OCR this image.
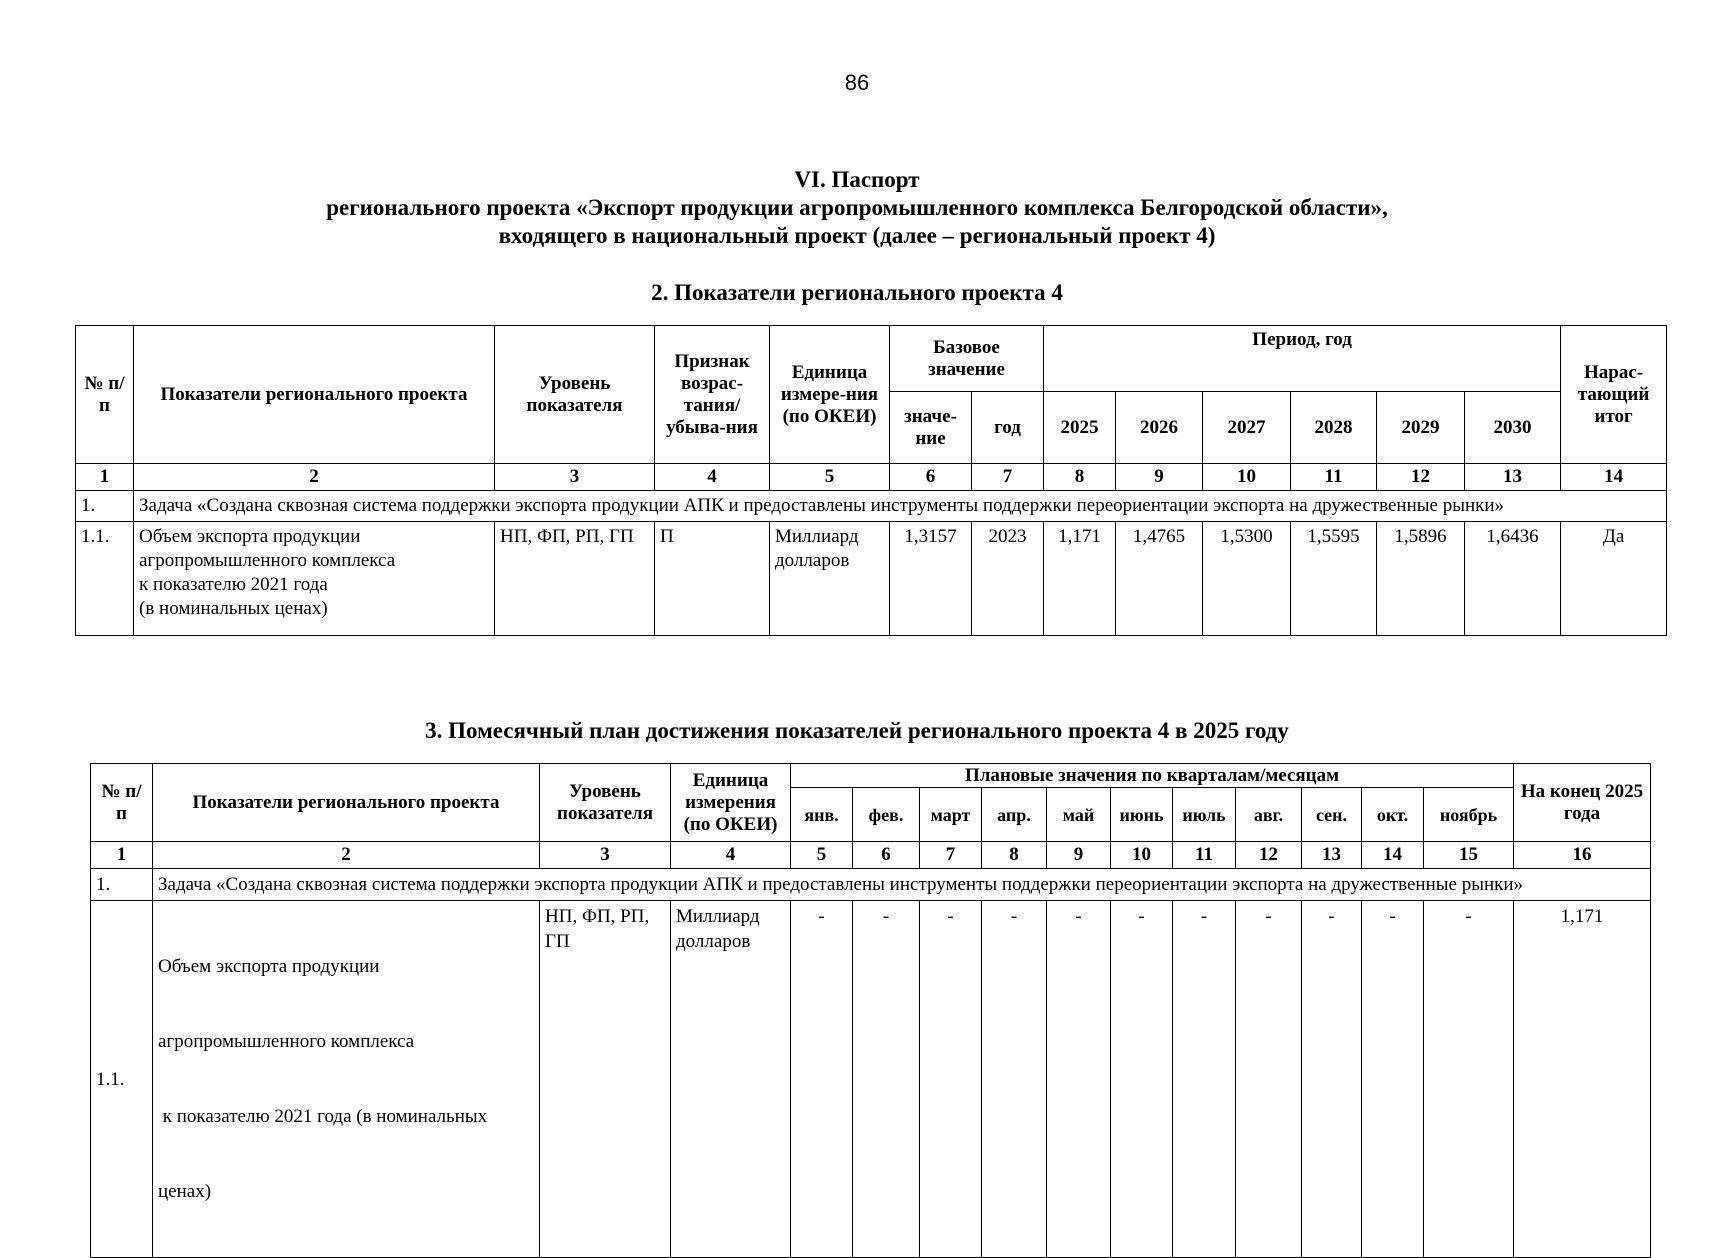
86
VI. Паспорт
регионального проекта «Экспорт продукции агропромышленного комплекса Белгородской области»,
входящего в национальный проект (далее – региональный проект 4)
2. Показатели регионального проекта 4
№ п/п	Показатели регионального проекта	Уровень показателя	Признак возрас-тания/ убыва-ния	Единица измере-ния (по ОКЕИ)	Базовое значение		Период, год						Нарас-тающий итог
					значе-ние	год	2025	2026	2027	2028	2029	2030	
1	2	3	4	5	6	7	8	9	10	11	12	13	14
1.	Задача «Создана сквозная система поддержки экспорта продукции АПК и предоставлены инструменты поддержки переориентации экспорта на дружественные рынки»												
1.1.	Объем экспорта продукции
агропромышленного комплекса
к показателю 2021 года
(в номинальных ценах)	НП, ФП, РП, ГП	П	Миллиард долларов	1,3157	2023	1,171	1,4765	1,5300	1,5595	1,5896	1,6436	Да
3. Помесячный план достижения показателей регионального проекта 4 в 2025 году
№ п/п	Показатели регионального проекта	Уровень показателя	Единица измерения (по ОКЕИ)	Плановые значения по кварталам/месяцам											На конец 2025 года
				янв.	фев.	март	апр.	май	июнь	июль	авг.	сен.	окт.	ноябрь	
1	2	3	4	5	6	7	8	9	10	11	12	13	14	15	16
1.	Задача «Создана сквозная система поддержки экспорта продукции АПК и предоставлены инструменты поддержки переориентации экспорта на дружественные рынки»														
1.1.	Объем экспорта продукции

агропромышленного комплекса

к показателю 2021 года (в номинальных

ценах)	НП, ФП, РП, ГП	Миллиард долларов	-	-	-	-	-	-	-	-	-	-	-	1,171
